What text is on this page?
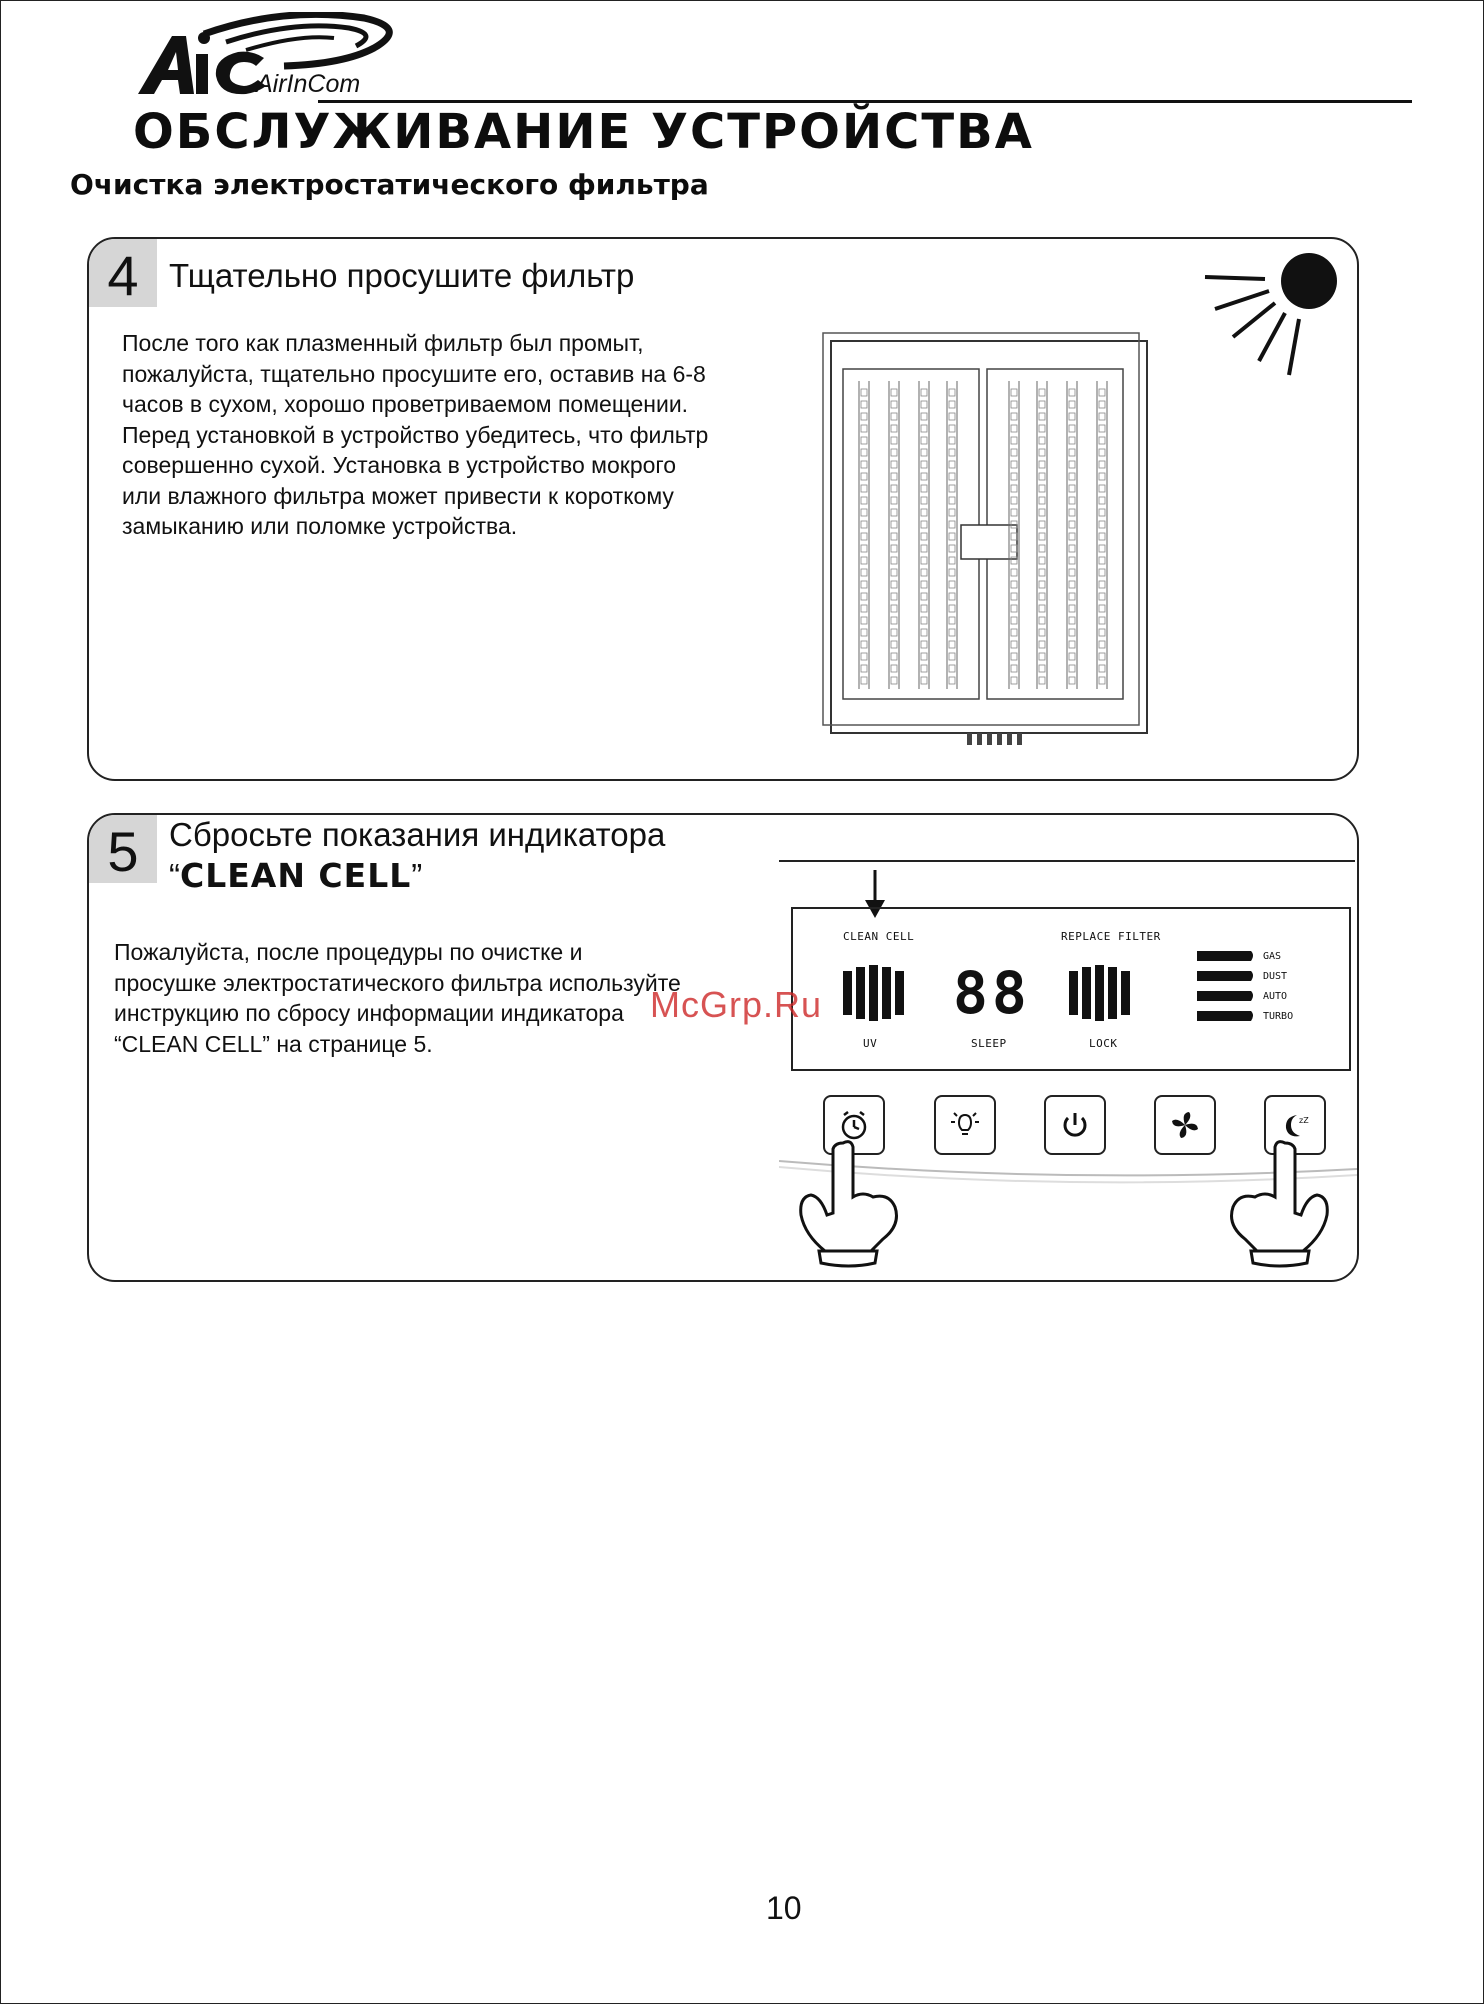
AirInCom
ОБСЛУЖИВАНИЕ УСТРОЙСТВА
Очистка электростатического фильтра
4 Тщательно просушите фильтр
После того как плазменный фильтр был промыт,
пожалуйста, тщательно просушите его, оставив на 6-8
часов в сухом, хорошо проветриваемом помещении.
Перед установкой в устройство убедитесь, что фильтр
совершенно сухой. Установка в устройство мокрого
или влажного фильтра может привести к короткому
замыканию или поломке устройства.
5 Сбросьте показания индикатора
“CLEAN CELL”
Пожалуйста, после процедуры по очистке и
просушке электростатического фильтра используйте
инструкцию по сбросу информации индикатора
“CLEAN CELL” на странице 5.
CLEAN CELL	REPLACE FILTER
88
UV	SLEEP	LOCK
GAS
DUST
AUTO
TURBO
zZ
McGrp.Ru
10
